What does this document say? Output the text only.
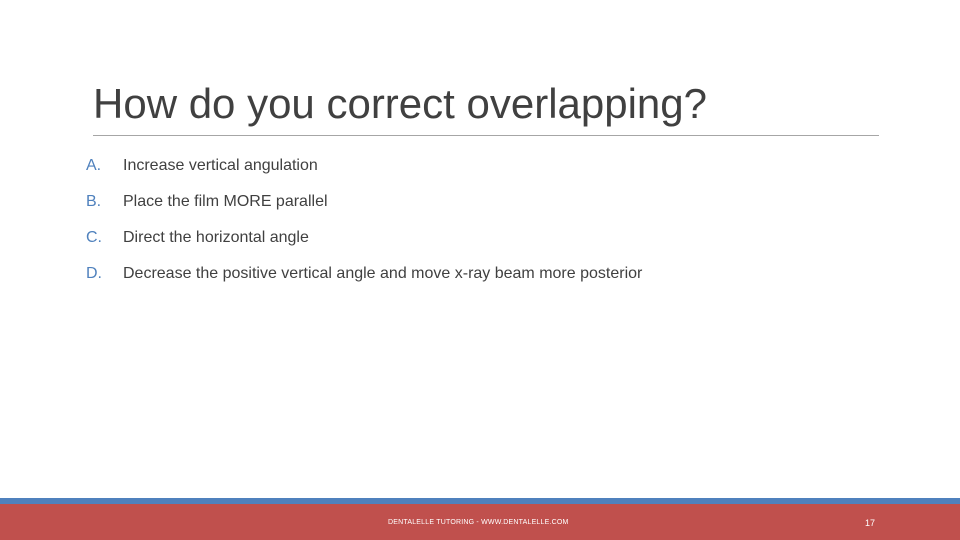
How do you correct overlapping?
A.	Increase vertical angulation
B.	Place the film MORE parallel
C.	Direct the horizontal angle
D.	Decrease the positive vertical angle and move x-ray beam more posterior
DENTALELLE TUTORING - WWW.DENTALELLE.COM	17
